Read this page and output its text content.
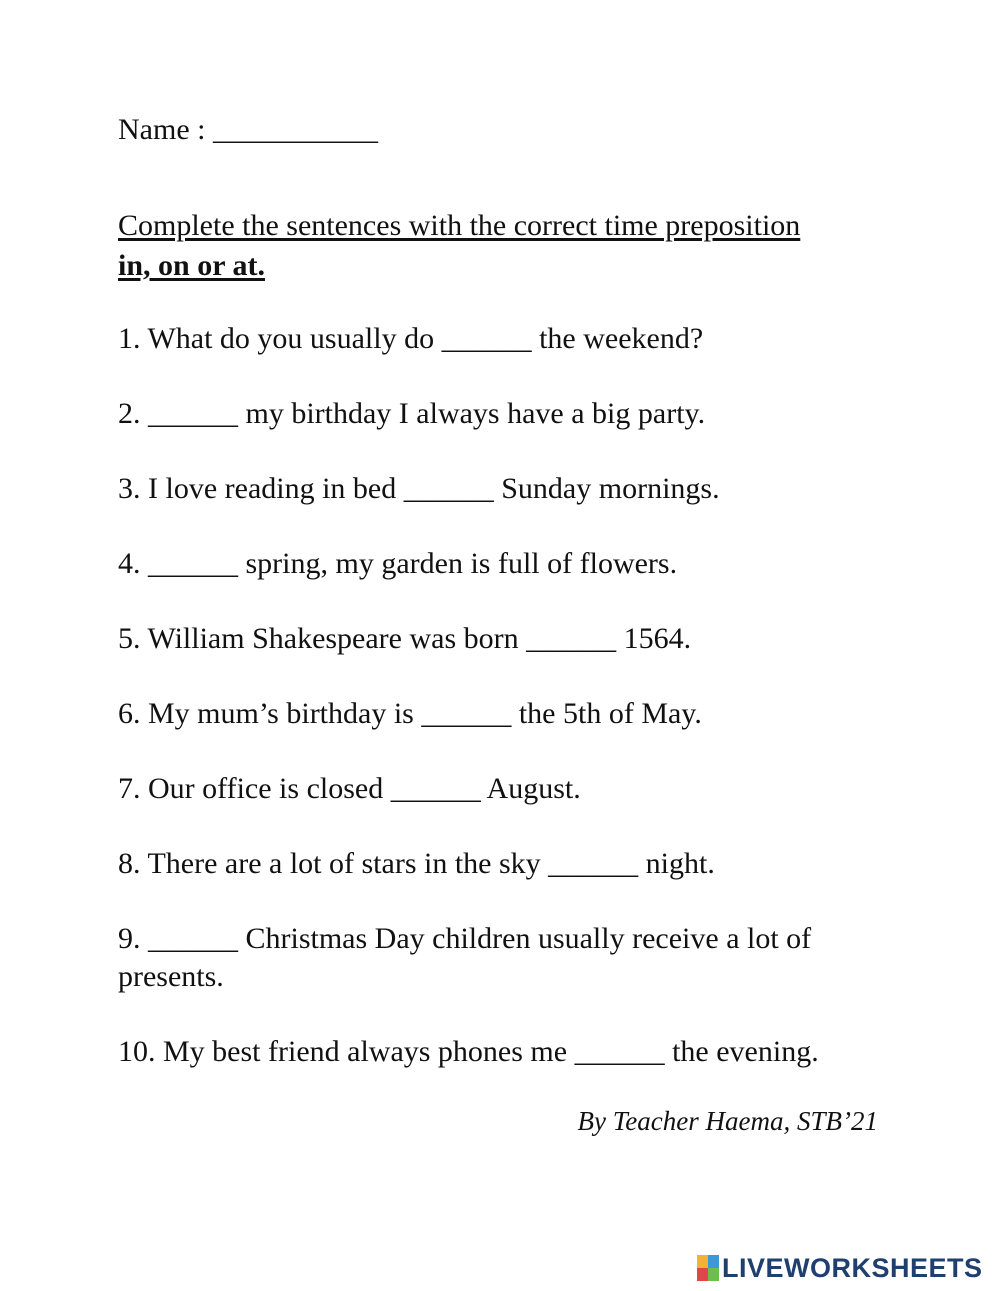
Name : ___________
Complete the sentences with the correct time preposition
in, on or at.
1. What do you usually do ______ the weekend?
2. ______ my birthday I always have a big party.
3. I love reading in bed ______ Sunday mornings.
4. ______ spring, my garden is full of flowers.
5. William Shakespeare was born ______ 1564.
6. My mum’s birthday is ______ the 5th of May.
7. Our office is closed ______ August.
8. There are a lot of stars in the sky ______ night.
9. ______ Christmas Day children usually receive a lot of presents.
10. My best friend always phones me ______ the evening.
By Teacher Haema, STB’21
LIVEWORKSHEETS
